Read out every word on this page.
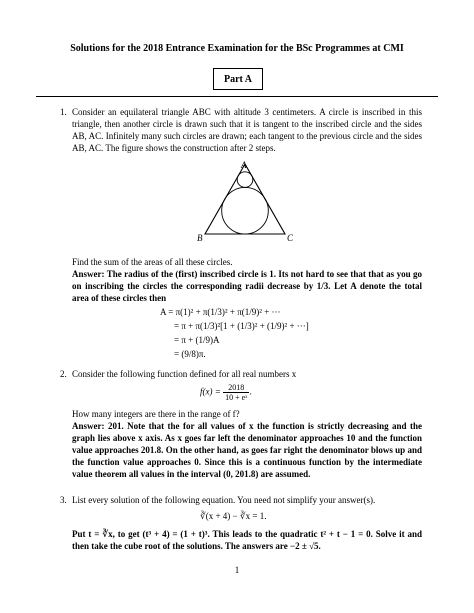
Solutions for the 2018 Entrance Examination for the BSc Programmes at CMI
Part A
1. Consider an equilateral triangle ABC with altitude 3 centimeters. A circle is inscribed in this triangle, then another circle is drawn such that it is tangent to the inscribed circle and the sides AB, AC. Infinitely many such circles are drawn; each tangent to the previous circle and the sides AB, AC. The figure shows the construction after 2 steps.
A
B	C
Find the sum of the areas of all these circles.
Answer: The radius of the (first) inscribed circle is 1. Its not hard to see that that as you go on inscribing the circles the corresponding radii decrease by 1/3. Let A denote the total area of these circles then
A = π(1)² + π(1/3)² + π(1/9)² + ···
= π + π(1/3)²[1 + (1/3)² + (1/9)² + ···]
= π + (1/9)A
= (9/8)π.
2. Consider the following function defined for all real numbers x
$f(x) = \frac{2018}{\text{10 + eˣ}}$ .
How many integers are there in the range of f?
Answer: 201. Note that the for all values of x the function is strictly decreasing and the graph lies above x axis. As x goes far left the denominator approaches 10 and the function value approaches 201.8. On the other hand, as goes far right the denominator blows up and the function value approaches 0. Since this is a continuous function by the intermediate value theorem all values in the interval (0, 201.8) are assumed.
3. List every solution of the following equation. You need not simplify your answer(s).
∛(x + 4) − ∛x = 1.
Put t = ∛x, to get (t³ + 4) = (1 + t)³. This leads to the quadratic t² + t − 1 = 0. Solve it and then take the cube root of the solutions. The answers are −2 ± √5.
1
